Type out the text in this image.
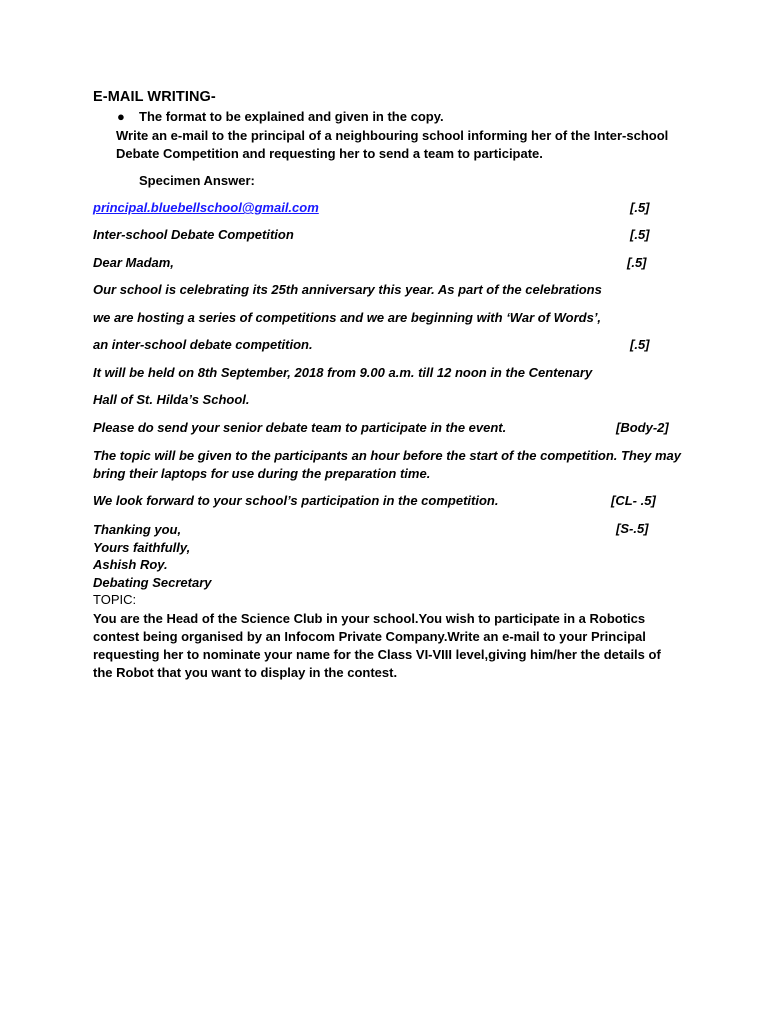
E-MAIL WRITING-
● The format to be explained and given in the copy.
Write an e-mail to the principal of a neighbouring school informing her of the Inter-school Debate Competition and requesting her to send a team to participate.
Specimen Answer:
principal.bluebellschool@gmail.com	[.5]
Inter-school Debate Competition	[.5]
Dear Madam,	[.5]
Our school is celebrating its 25th anniversary this year. As part of the celebrations
we are hosting a series of competitions and we are beginning with ‘War of Words’,
an inter-school debate competition.	[.5]
It will be held on 8th September, 2018 from 9.00 a.m. till 12 noon in the Centenary
Hall of St. Hilda’s School.
Please do send your senior debate team to participate in the event.	[Body-2]
The topic will be given to the participants an hour before the start of the competition. They may bring their laptops for use during the preparation time.
We look forward to your school’s participation in the competition.	[CL- .5]
Thanking you,
Yours faithfully,
Ashish Roy.
Debating Secretary
[S-.5]
TOPIC:
You are the Head of the Science Club in your school.You wish to participate in a Robotics contest being organised by an Infocom Private Company.Write an e-mail to your Principal requesting her to nominate your name for the Class VI-VIII level,giving him/her the details of the Robot that you want to display in the contest.
